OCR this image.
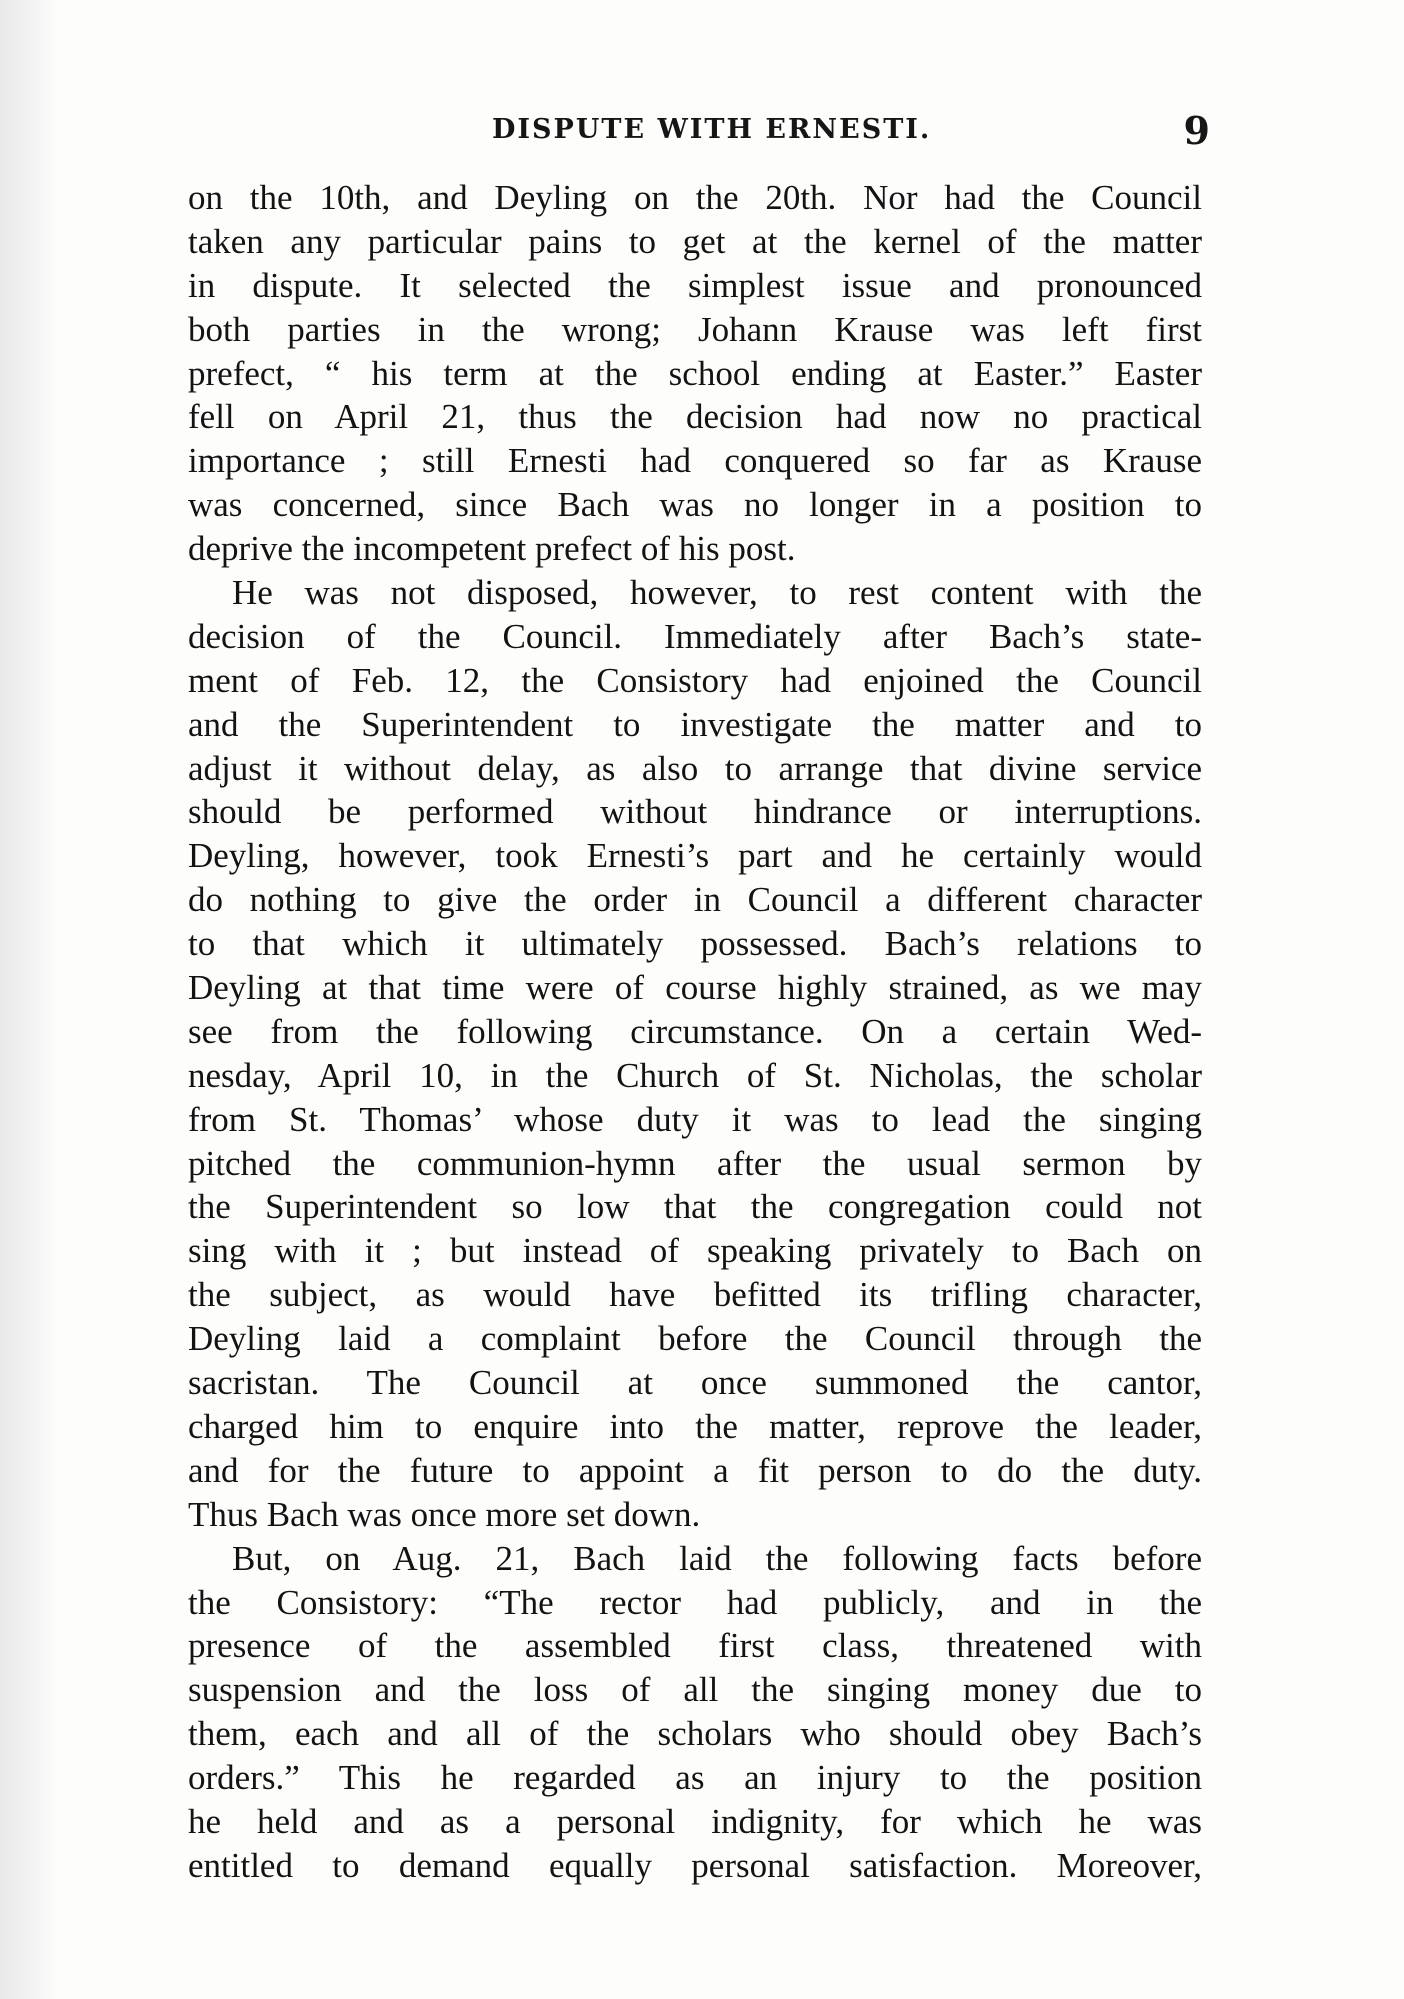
DISPUTE WITH ERNESTI.	9
on the 10th, and Deyling on the 20th. Nor had the Council
taken any particular pains to get at the kernel of the matter
in dispute. It selected the simplest issue and pronounced
both parties in the wrong; Johann Krause was left first
prefect, “ his term at the school ending at Easter.” Easter
fell on April 21, thus the decision had now no practical
importance ; still Ernesti had conquered so far as Krause
was concerned, since Bach was no longer in a position to
deprive the incompetent prefect of his post.
He was not disposed, however, to rest content with the
decision of the Council. Immediately after Bach’s state-
ment of Feb. 12, the Consistory had enjoined the Council
and the Superintendent to investigate the matter and to
adjust it without delay, as also to arrange that divine service
should be performed without hindrance or interruptions.
Deyling, however, took Ernesti’s part and he certainly would
do nothing to give the order in Council a different character
to that which it ultimately possessed. Bach’s relations to
Deyling at that time were of course highly strained, as we may
see from the following circumstance. On a certain Wed-
nesday, April 10, in the Church of St. Nicholas, the scholar
from St. Thomas’ whose duty it was to lead the singing
pitched the communion-hymn after the usual sermon by
the Superintendent so low that the congregation could not
sing with it ; but instead of speaking privately to Bach on
the subject, as would have befitted its trifling character,
Deyling laid a complaint before the Council through the
sacristan. The Council at once summoned the cantor,
charged him to enquire into the matter, reprove the leader,
and for the future to appoint a fit person to do the duty.
Thus Bach was once more set down.
But, on Aug. 21, Bach laid the following facts before
the Consistory: “The rector had publicly, and in the
presence of the assembled first class, threatened with
suspension and the loss of all the singing money due to
them, each and all of the scholars who should obey Bach’s
orders.” This he regarded as an injury to the position
he held and as a personal indignity, for which he was
entitled to demand equally personal satisfaction. Moreover,
